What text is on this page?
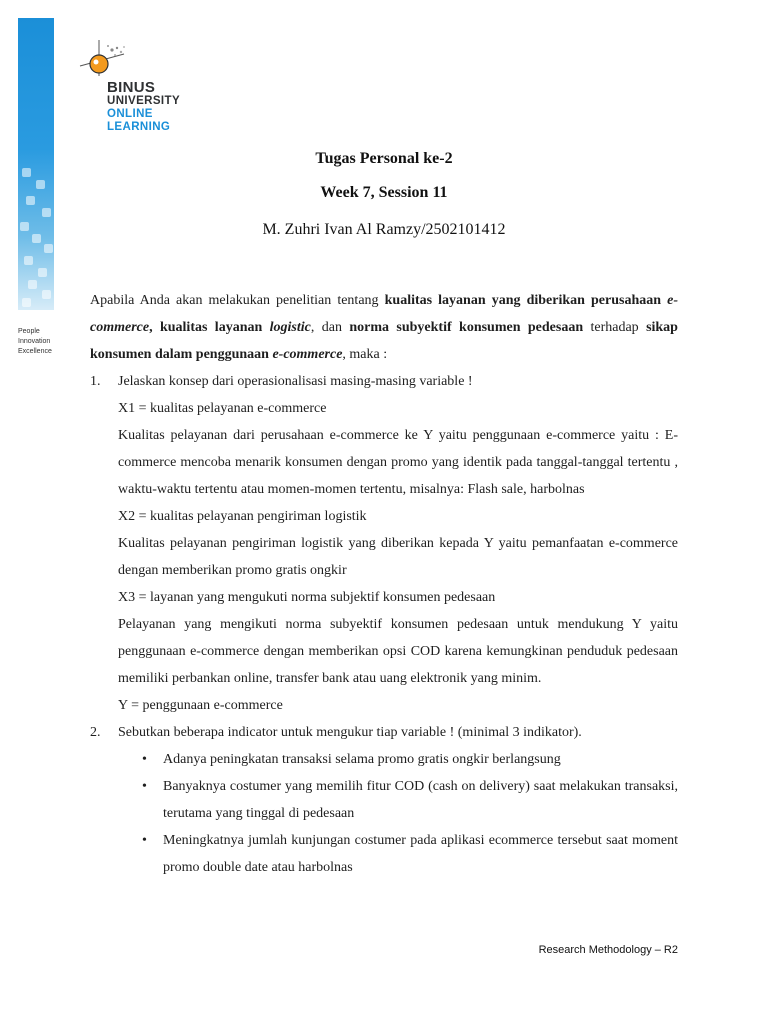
People
Innovation
Excellence
BINUS
UNIVERSITY
ONLINE
LEARNING
Tugas Personal ke-2
Week 7, Session 11
M. Zuhri Ivan Al Ramzy/2502101412
Apabila Anda akan melakukan penelitian tentang kualitas layanan yang diberikan perusahaan e-commerce, kualitas layanan logistic, dan norma subyektif konsumen pedesaan terhadap sikap konsumen dalam penggunaan e-commerce, maka :
1. Jelaskan konsep dari operasionalisasi masing-masing variable !
X1 = kualitas pelayanan e-commerce
Kualitas pelayanan dari perusahaan e-commerce ke Y yaitu penggunaan e-commerce yaitu : E-commerce mencoba menarik konsumen dengan promo yang identik pada tanggal-tanggal tertentu , waktu-waktu tertentu atau momen-momen tertentu, misalnya: Flash sale, harbolnas
X2 = kualitas pelayanan pengiriman logistik
Kualitas pelayanan pengiriman logistik yang diberikan kepada Y yaitu pemanfaatan e-commerce dengan memberikan promo gratis ongkir
X3 = layanan yang mengukuti norma subjektif konsumen pedesaan
Pelayanan yang mengikuti norma subyektif konsumen pedesaan untuk mendukung Y yaitu penggunaan e-commerce dengan memberikan opsi COD karena kemungkinan penduduk pedesaan memiliki perbankan online, transfer bank atau uang elektronik yang minim.
Y = penggunaan e-commerce
2. Sebutkan beberapa indicator untuk mengukur tiap variable ! (minimal 3 indikator).
• Adanya peningkatan transaksi selama promo gratis ongkir berlangsung
• Banyaknya costumer yang memilih fitur COD (cash on delivery) saat melakukan transaksi, terutama yang tinggal di pedesaan
• Meningkatnya jumlah kunjungan costumer pada aplikasi ecommerce tersebut saat moment promo double date atau harbolnas
Research Methodology – R2
